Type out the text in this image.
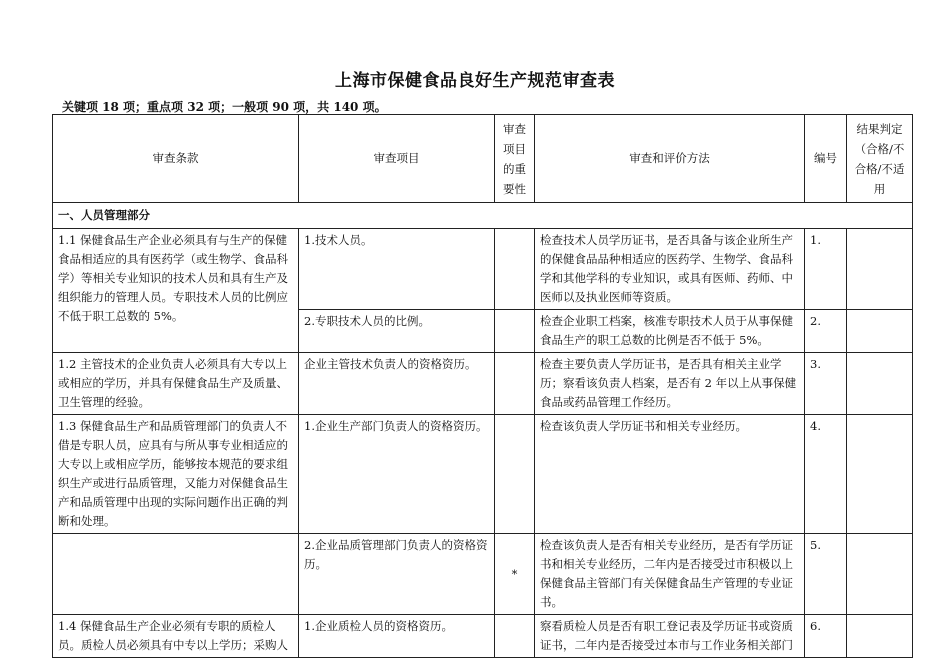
上海市保健食品良好生产规范审查表
关键项 18 项；重点项 32 项；一般项 90 项，共 140 项。
审查条款	审查项目	审查项目的重要性	审查和评价方法	编号	结果判定（合格/不合格/不适用
一、人员管理部分					
1.1 保健食品生产企业必须具有与生产的保健食品相适应的具有医药学（或生物学、食品科学）等相关专业知识的技术人员和具有生产及组织能力的管理人员。专职技术人员的比例应不低于职工总数的 5%。	1.技术人员。		检查技术人员学历证书，是否具备与该企业所生产的保健食品品种相适应的医药学、生物学、食品科学和其他学科的专业知识，或具有医师、药师、中医师以及执业医师等资质。	1.	
	2.专职技术人员的比例。		检查企业职工档案，核准专职技术人员于从事保健食品生产的职工总数的比例是否不低于 5%。	2.	
1.2 主管技术的企业负责人必须具有大专以上或相应的学历，并具有保健食品生产及质量、卫生管理的经验。	企业主管技术负责人的资格资历。		检查主要负责人学历证书，是否具有相关主业学历；察看该负责人档案，是否有 2 年以上从事保健食品或药品管理工作经历。	3.	
1.3 保健食品生产和品质管理部门的负责人不借是专职人员，应具有与所从事专业相适应的大专以上或相应学历，能够按本规范的要求组织生产或进行品质管理，又能力对保健食品生产和品质管理中出现的实际问题作出正确的判断和处理。	1.企业生产部门负责人的资格资历。		检查该负责人学历证书和相关专业经历。	4.	
	2.企业品质管理部门负责人的资格资历。	*	检查该负责人是否有相关专业经历，是否有学历证书和相关专业经历，二年内是否接受过市积极以上保健食品主管部门有关保健食品生产管理的专业证书。	5.	
1.4 保健食品生产企业必须有专职的质检人员。质检人员必须具有中专以上学历；采购人	1.企业质检人员的资格资历。		察看质检人员是否有职工登记表及学历证书或资质证书，二年内是否接受过本市与工作业务相关部门	6.	
